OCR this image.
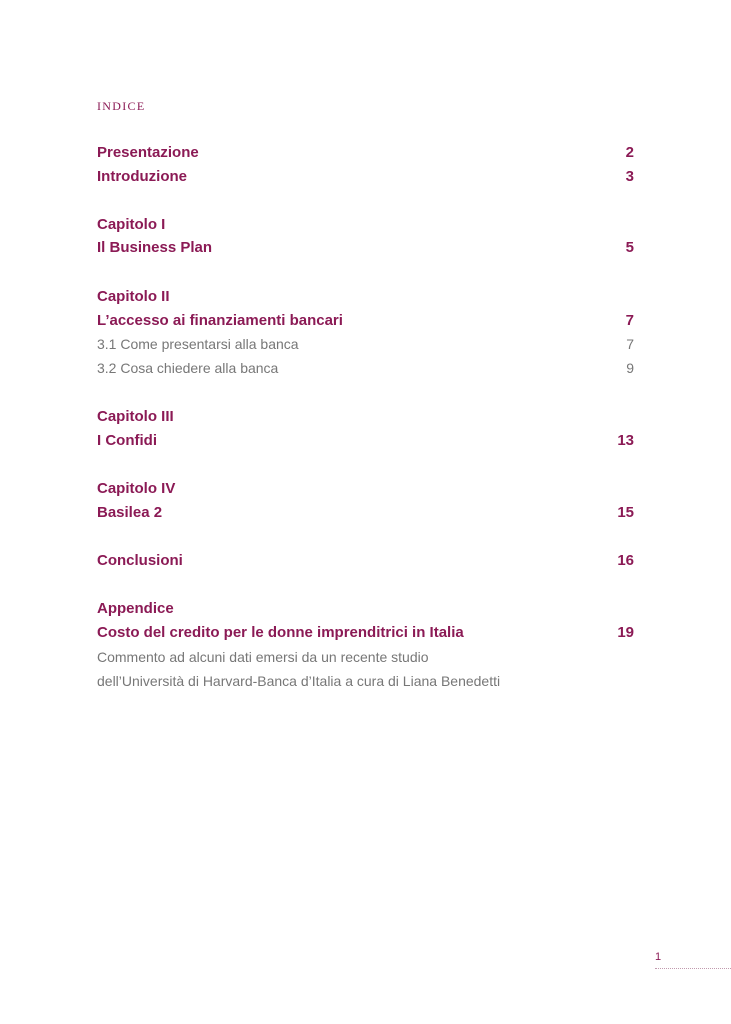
INDICE
Presentazione	2
Introduzione	3
Capitolo I
Il Business Plan	5
Capitolo II
L’accesso ai finanziamenti bancari	7
3.1 Come presentarsi alla banca	7
3.2 Cosa chiedere alla banca	9
Capitolo III
I Confidi	13
Capitolo IV
Basilea 2	15
Conclusioni	16
Appendice
Costo del credito per le donne imprenditrici in Italia	19
Commento ad alcuni dati emersi da un recente studio
dell’Università di Harvard-Banca d’Italia a cura di Liana Benedetti
1
